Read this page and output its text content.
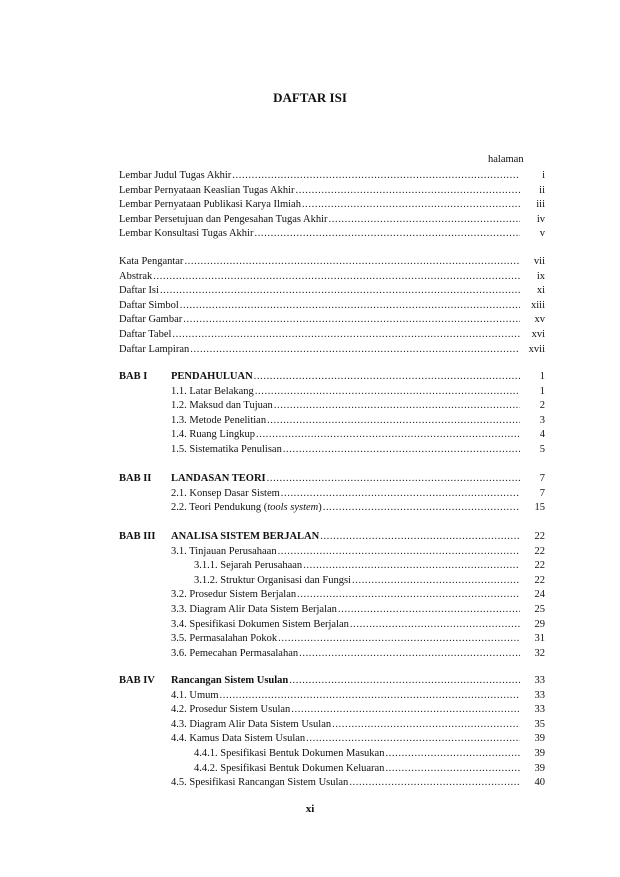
DAFTAR ISI
halaman
Lembar Judul Tugas Akhir .....	i
Lembar Pernyataan Keaslian Tugas Akhir .....	ii
Lembar Pernyataan Publikasi Karya Ilmiah .....	iii
Lembar Persetujuan dan Pengesahan Tugas Akhir .....	iv
Lembar Konsultasi Tugas Akhir .....	v
Kata Pengantar .....	vii
Abstrak .....	ix
Daftar Isi .....	xi
Daftar Simbol .....	xiii
Daftar Gambar .....	xv
Daftar Tabel .....	xvi
Daftar Lampiran .....	xvii
BAB I PENDAHULUAN .....	1
1.1. Latar Belakang .....	1
1.2. Maksud dan Tujuan .....	2
1.3. Metode Penelitian .....	3
1.4. Ruang Lingkup .....	4
1.5. Sistematika Penulisan .....	5
BAB II LANDASAN TEORI .....	7
2.1. Konsep Dasar Sistem .....	7
2.2. Teori Pendukung (tools system) .....	15
BAB III ANALISA SISTEM BERJALAN .....	22
3.1. Tinjauan Perusahaan .....	22
3.1.1. Sejarah Perusahaan .....	22
3.1.2. Struktur Organisasi dan Fungsi .....	22
3.2. Prosedur Sistem Berjalan .....	24
3.3. Diagram Alir Data Sistem Berjalan .....	25
3.4. Spesifikasi Dokumen Sistem Berjalan .....	29
3.5. Permasalahan Pokok .....	31
3.6. Pemecahan Permasalahan .....	32
BAB IV Rancangan Sistem Usulan .....	33
4.1. Umum .....	33
4.2. Prosedur Sistem Usulan .....	33
4.3. Diagram Alir Data Sistem Usulan .....	35
4.4. Kamus Data Sistem Usulan .....	39
4.4.1. Spesifikasi Bentuk Dokumen Masukan .....	39
4.4.2. Spesifikasi Bentuk Dokumen Keluaran .....	39
4.5. Spesifikasi Rancangan Sistem Usulan .....	40
xi
